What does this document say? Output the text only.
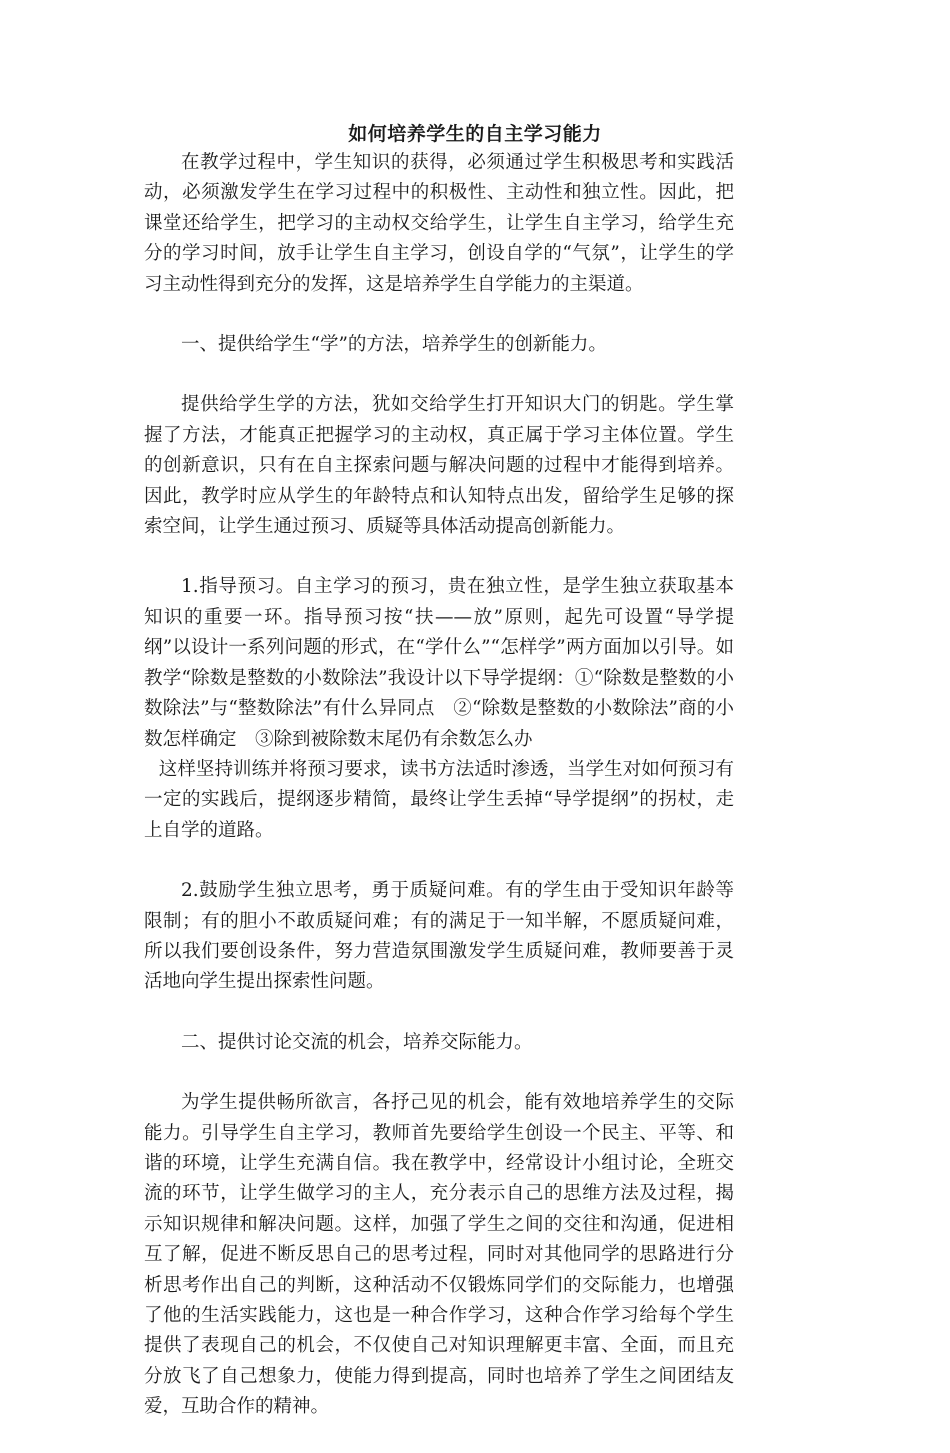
如何培养学生的自主学习能力

在教学过程中，学生知识的获得，必须通过学生积极思考和实践活动，必须激发学生在学习过程中的积极性、主动性和独立性。因此，把课堂还给学生，把学习的主动权交给学生，让学生自主学习，给学生充分的学习时间，放手让学生自主学习，创设自学的“气氛”，让学生的学习主动性得到充分的发挥，这是培养学生自学能力的主渠道。

一、提供给学生“学”的方法，培养学生的创新能力。

提供给学生学的方法，犹如交给学生打开知识大门的钥匙。学生掌握了方法，才能真正把握学习的主动权，真正属于学习主体位置。学生的创新意识，只有在自主探索问题与解决问题的过程中才能得到培养。因此，教学时应从学生的年龄特点和认知特点出发，留给学生足够的探索空间，让学生通过预习、质疑等具体活动提高创新能力。

1.指导预习。自主学习的预习，贵在独立性，是学生独立获取基本知识的重要一环。指导预习按“扶——放”原则，起先可设置“导学提纲”以设计一系列问题的形式，在“学什么”“怎样学”两方面加以引导。如教学“除数是整数的小数除法”我设计以下导学提纲：①“除数是整数的小数除法”与“整数除法”有什么异同点　②“除数是整数的小数除法”商的小数怎样确定　③除到被除数末尾仍有余数怎么办

这样坚持训练并将预习要求，读书方法适时渗透，当学生对如何预习有一定的实践后，提纲逐步精简，最终让学生丢掉“导学提纲”的拐杖，走上自学的道路。

2.鼓励学生独立思考，勇于质疑问难。有的学生由于受知识年龄等限制；有的胆小不敢质疑问难；有的满足于一知半解，不愿质疑问难，所以我们要创设条件，努力营造氛围激发学生质疑问难，教师要善于灵活地向学生提出探索性问题。

二、提供讨论交流的机会，培养交际能力。

为学生提供畅所欲言，各抒己见的机会，能有效地培养学生的交际能力。引导学生自主学习，教师首先要给学生创设一个民主、平等、和谐的环境，让学生充满自信。我在教学中，经常设计小组讨论，全班交流的环节，让学生做学习的主人，充分表示自己的思维方法及过程，揭示知识规律和解决问题。这样，加强了学生之间的交往和沟通，促进相互了解，促进不断反思自己的思考过程，同时对其他同学的思路进行分析思考作出自己的判断，这种活动不仅锻炼同学们的交际能力，也增强了他的生活实践能力，这也是一种合作学习，这种合作学习给每个学生提供了表现自己的机会，不仅使自己对知识理解更丰富、全面，而且充分放飞了自己想象力，使能力得到提高，同时也培养了学生之间团结友爱，互助合作的精神。
